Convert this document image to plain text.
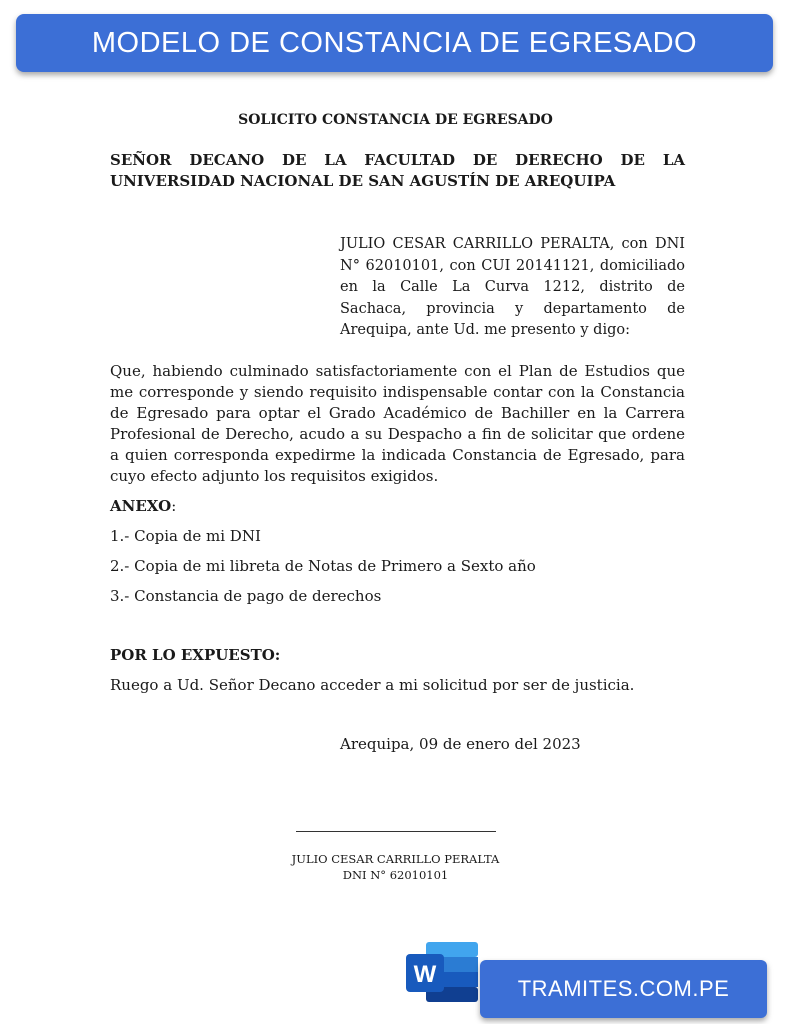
MODELO DE CONSTANCIA DE EGRESADO
SOLICITO CONSTANCIA DE EGRESADO
SEÑOR DECANO DE LA FACULTAD DE DERECHO DE LA UNIVERSIDAD NACIONAL DE SAN AGUSTÍN DE AREQUIPA
JULIO CESAR CARRILLO PERALTA, con DNI N° 62010101, con CUI 20141121, domiciliado en la Calle La Curva 1212, distrito de Sachaca, provincia y departamento de Arequipa, ante Ud. me presento y digo:
Que, habiendo culminado satisfactoriamente con el Plan de Estudios que me corresponde y siendo requisito indispensable contar con la Constancia de Egresado para optar el Grado Académico de Bachiller en la Carrera Profesional de Derecho, acudo a su Despacho a fin de solicitar que ordene a quien corresponda expedirme la indicada Constancia de Egresado, para cuyo efecto adjunto los requisitos exigidos.
ANEXO:
1.- Copia de mi DNI
2.- Copia de mi libreta de Notas de Primero a Sexto año
3.- Constancia de pago de derechos
POR LO EXPUESTO:
Ruego a Ud. Señor Decano acceder a mi solicitud por ser de justicia.
Arequipa, 09 de enero del 2023
JULIO CESAR CARRILLO PERALTA
DNI N° 62010101
W
TRAMITES.COM.PE
